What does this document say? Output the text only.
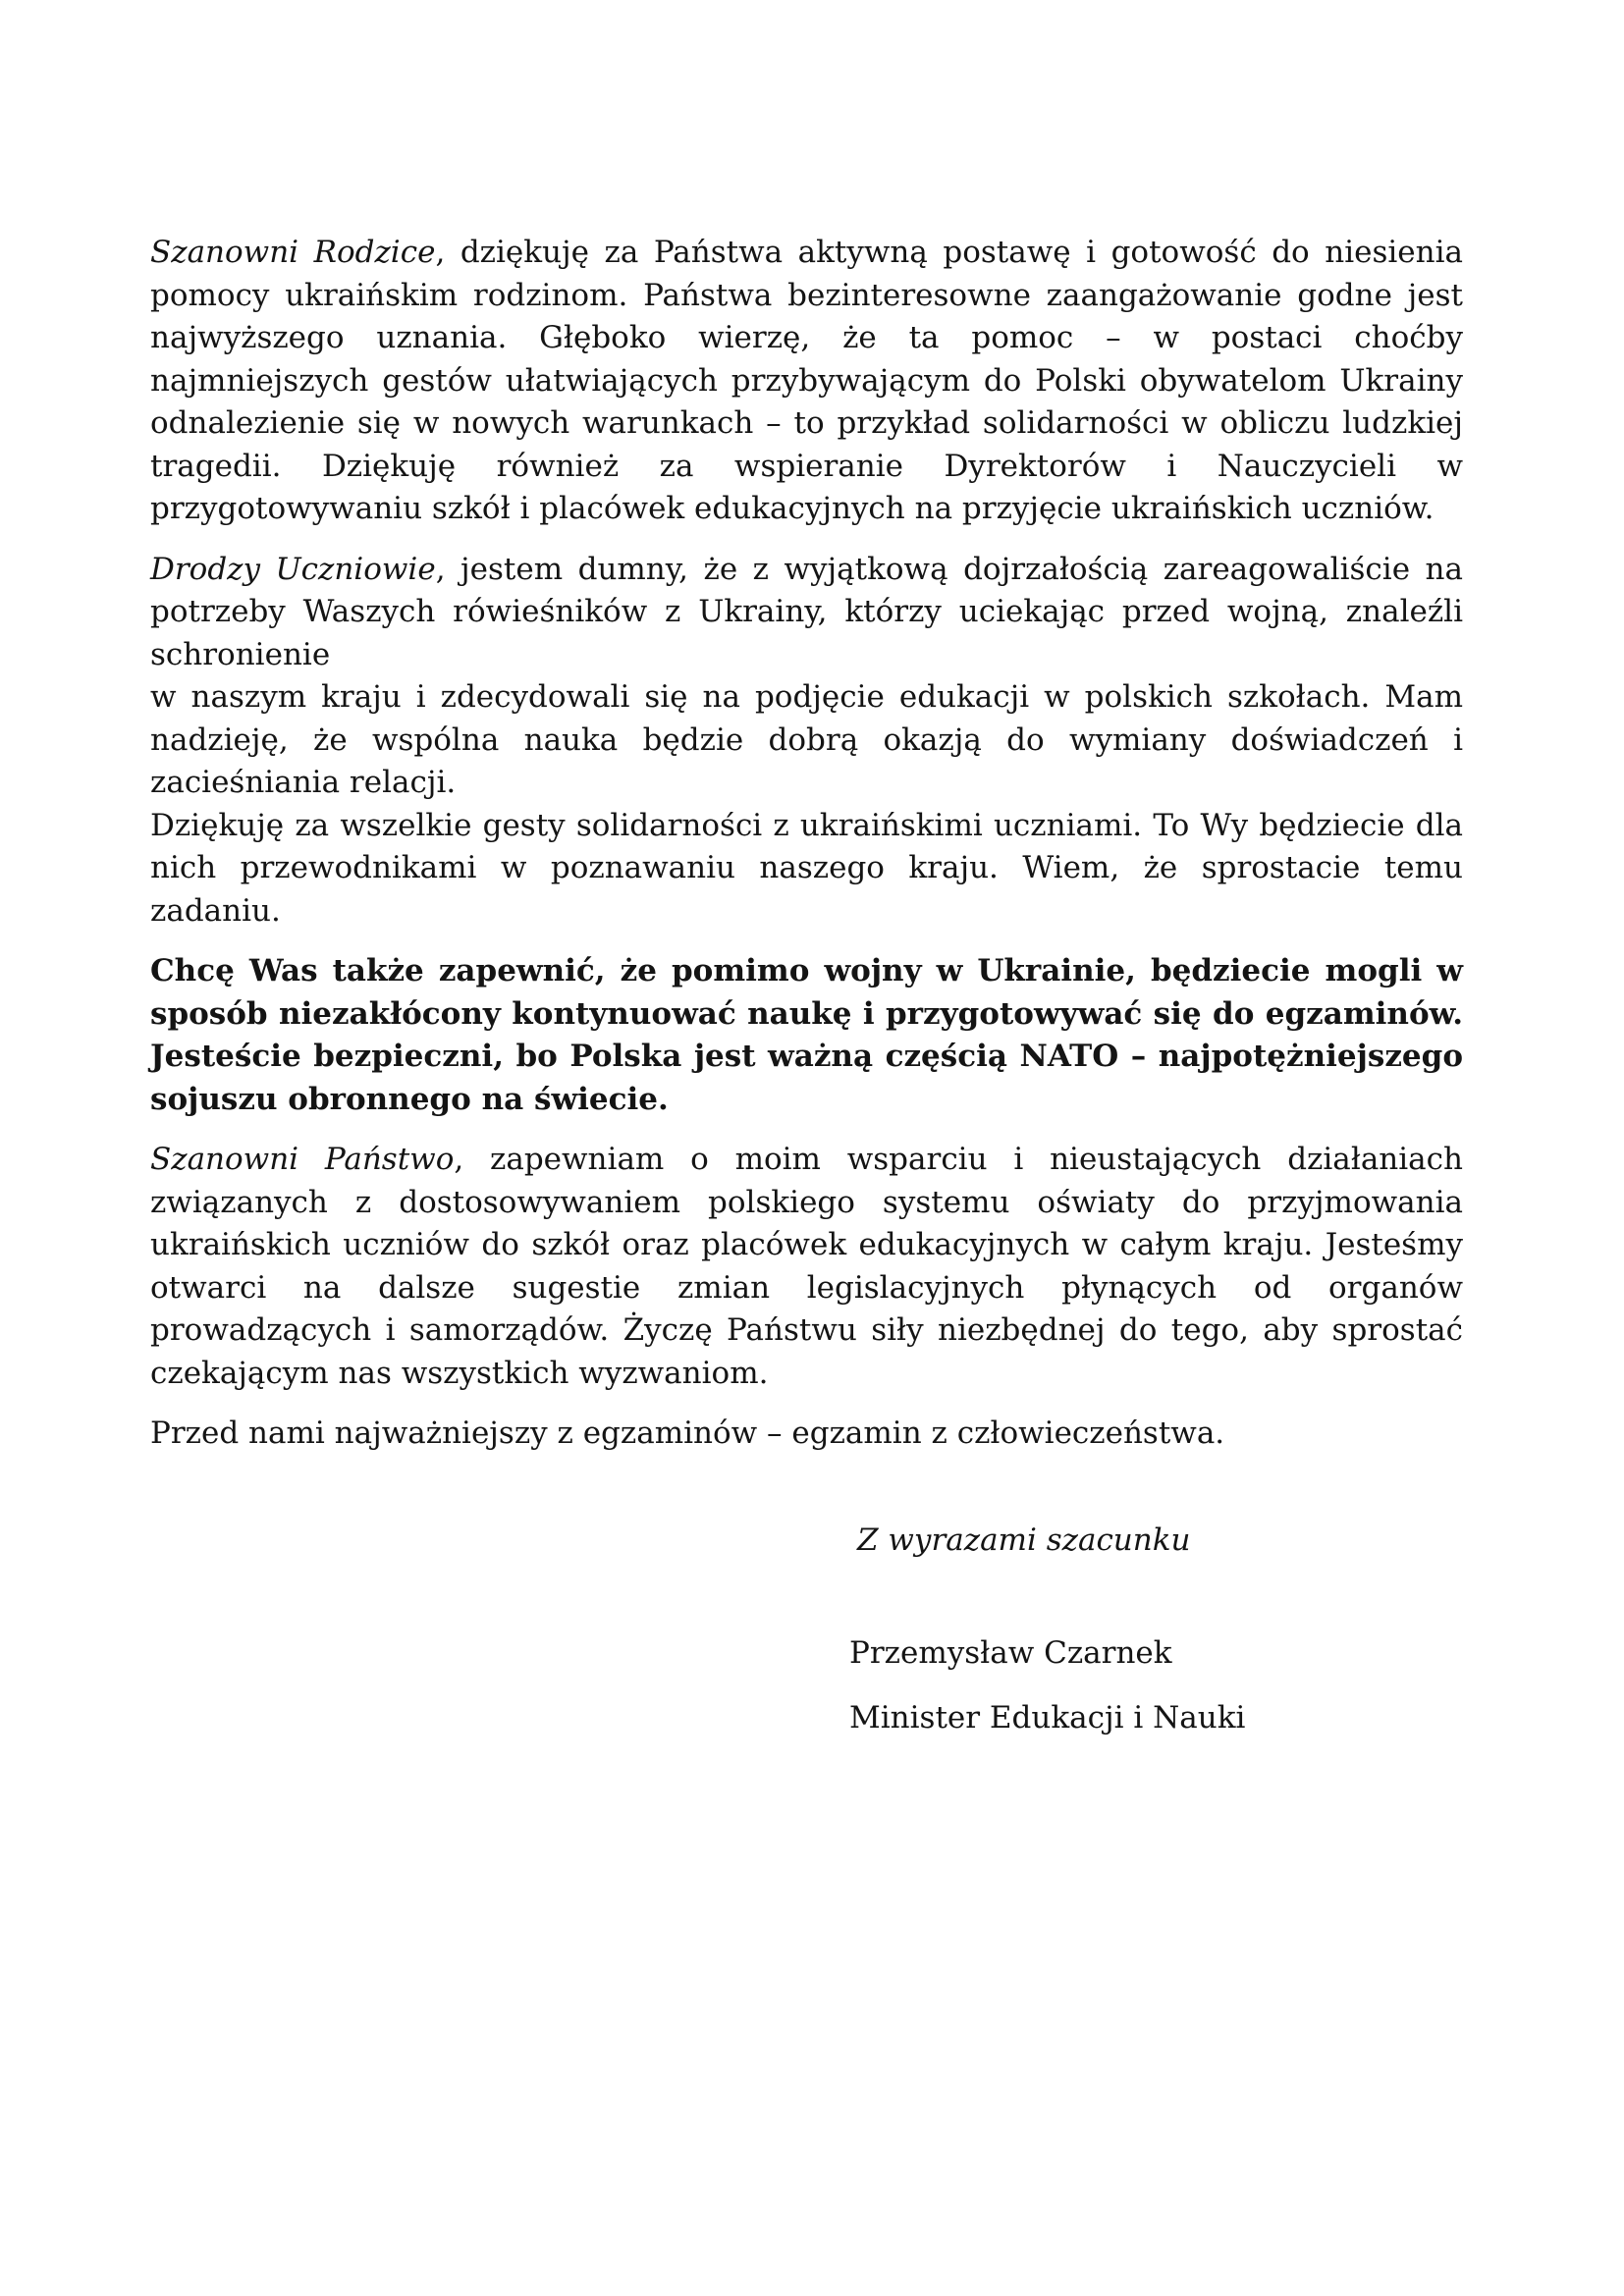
Szanowni Rodzice, dziękuję za Państwa aktywną postawę i gotowość do niesienia pomocy ukraińskim rodzinom. Państwa bezinteresowne zaangażowanie godne jest najwyższego uznania. Głęboko wierzę, że ta pomoc – w postaci choćby najmniejszych gestów ułatwiających przybywającym do Polski obywatelom Ukrainy odnalezienie się w nowych warunkach – to przykład solidarności w obliczu ludzkiej tragedii. Dziękuję również za wspieranie Dyrektorów i Nauczycieli w przygotowywaniu szkół i placówek edukacyjnych na przyjęcie ukraińskich uczniów.

Drodzy Uczniowie, jestem dumny, że z wyjątkową dojrzałością zareagowaliście na potrzeby Waszych rówieśników z Ukrainy, którzy uciekając przed wojną, znaleźli schronienie
w naszym kraju i zdecydowali się na podjęcie edukacji w polskich szkołach. Mam nadzieję, że wspólna nauka będzie dobrą okazją do wymiany doświadczeń i zacieśniania relacji.
Dziękuję za wszelkie gesty solidarności z ukraińskimi uczniami. To Wy będziecie dla nich przewodnikami w poznawaniu naszego kraju. Wiem, że sprostacie temu zadaniu.

Chcę Was także zapewnić, że pomimo wojny w Ukrainie, będziecie mogli w sposób niezakłócony kontynuować naukę i przygotowywać się do egzaminów. Jesteście bezpieczni, bo Polska jest ważną częścią NATO – najpotężniejszego sojuszu obronnego na świecie.

Szanowni Państwo, zapewniam o moim wsparciu i nieustających działaniach związanych z dostosowywaniem polskiego systemu oświaty do przyjmowania ukraińskich uczniów do szkół oraz placówek edukacyjnych w całym kraju. Jesteśmy otwarci na dalsze sugestie zmian legislacyjnych płynących od organów prowadzących i samorządów. Życzę Państwu siły niezbędnej do tego, aby sprostać czekającym nas wszystkich wyzwaniom.

Przed nami najważniejszy z egzaminów – egzamin z człowieczeństwa.

Z wyrazami szacunku

Przemysław Czarnek

Minister Edukacji i Nauki
